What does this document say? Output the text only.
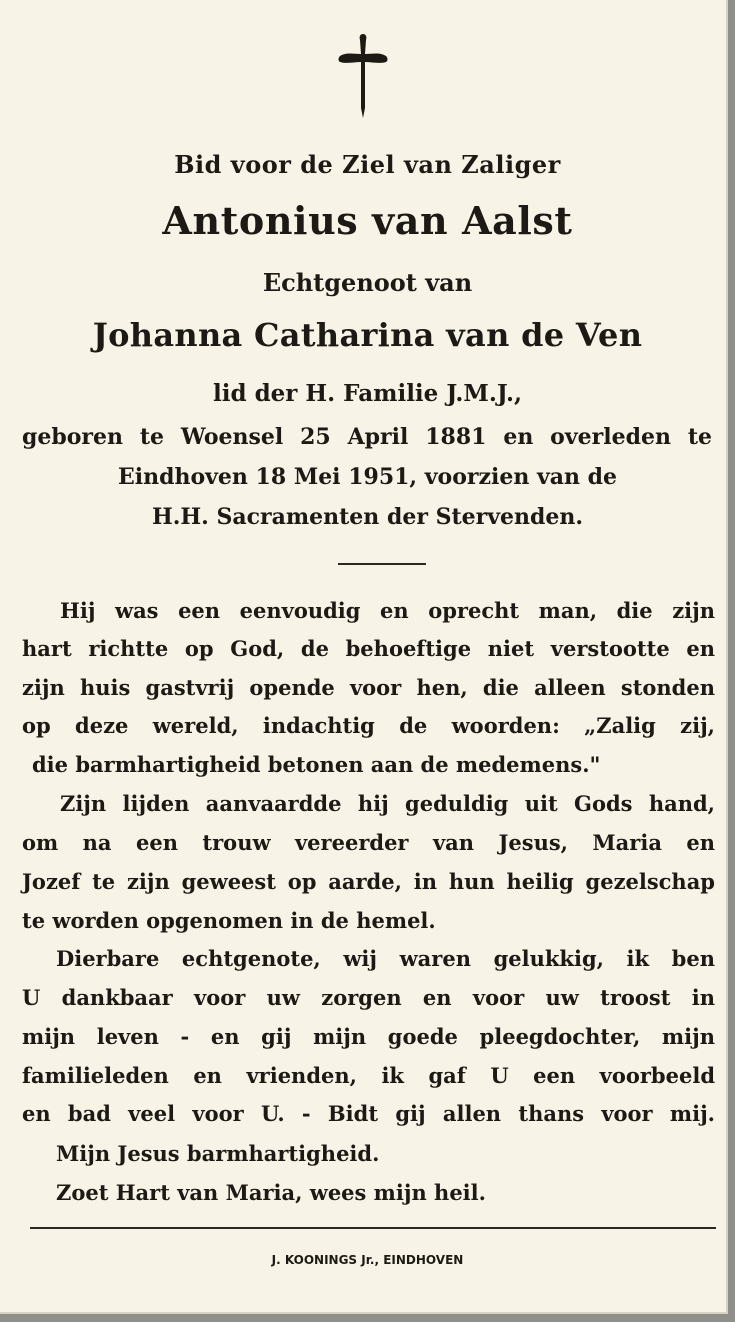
Bid voor de Ziel van Zaliger
Antonius van Aalst
Echtgenoot van
Johanna Catharina van de Ven
lid der H. Familie J.M.J.,
geboren te Woensel 25 April 1881 en overleden te
Eindhoven 18 Mei 1951, voorzien van de
H.H. Sacramenten der Stervenden.
Hij was een eenvoudig en oprecht man, die zijn
hart richtte op God, de behoeftige niet verstootte en
zijn huis gastvrij opende voor hen, die alleen stonden
op deze wereld, indachtig de woorden: „Zalig zij,
die barmhartigheid betonen aan de medemens."
Zijn lijden aanvaardde hij geduldig uit Gods hand,
om na een trouw vereerder van Jesus, Maria en
Jozef te zijn geweest op aarde, in hun heilig gezelschap
te worden opgenomen in de hemel.
Dierbare echtgenote, wij waren gelukkig, ik ben
U dankbaar voor uw zorgen en voor uw troost in
mijn leven - en gij mijn goede pleegdochter, mijn
familieleden en vrienden, ik gaf U een voorbeeld
en bad veel voor U. - Bidt gij allen thans voor mij.
Mijn Jesus barmhartigheid.
Zoet Hart van Maria, wees mijn heil.
J. KOONINGS Jr., EINDHOVEN
